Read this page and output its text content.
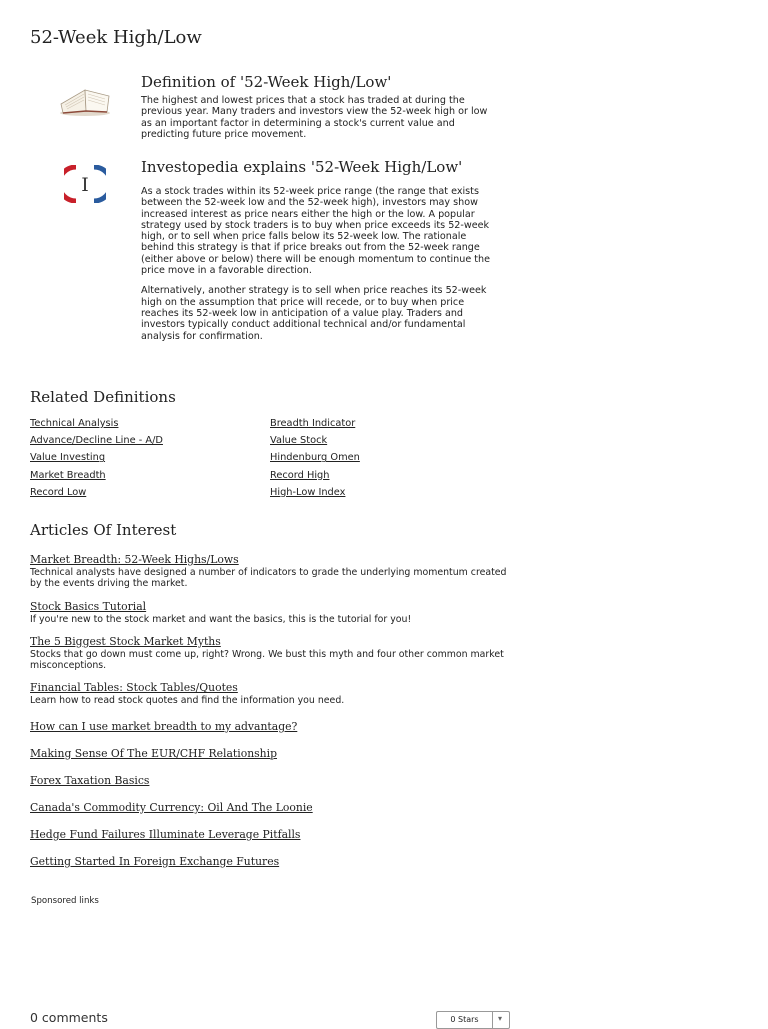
52-Week High/Low
Definition of '52-Week High/Low'

The highest and lowest prices that a stock has traded at during the previous year. Many traders and investors view the 52-week high or low as an important factor in determining a stock's current value and predicting future price movement.

I
Investopedia explains '52-Week High/Low'

As a stock trades within its 52-week price range (the range that exists between the 52-week low and the 52-week high), investors may show increased interest as price nears either the high or the low. A popular strategy used by stock traders is to buy when price exceeds its 52-week high, or to sell when price falls below its 52-week low. The rationale behind this strategy is that if price breaks out from the 52-week range (either above or below) there will be enough momentum to continue the price move in a favorable direction.

Alternatively, another strategy is to sell when price reaches its 52-week high on the assumption that price will recede, or to buy when price reaches its 52-week low in anticipation of a value play. Traders and investors typically conduct additional technical and/or fundamental analysis for confirmation.

Related Definitions
Technical Analysis
Advance/Decline Line - A/D
Value Investing
Market Breadth
Record Low
Breadth Indicator
Value Stock
Hindenburg Omen
Record High
High-Low Index
Articles Of Interest
Market Breadth: 52-Week Highs/Lows
Technical analysts have designed a number of indicators to grade the underlying momentum created by the events driving the market.
Stock Basics Tutorial
If you're new to the stock market and want the basics, this is the tutorial for you!
The 5 Biggest Stock Market Myths
Stocks that go down must come up, right? Wrong. We bust this myth and four other common market misconceptions.
Financial Tables: Stock Tables/Quotes
Learn how to read stock quotes and find the information you need.
How can I use market breadth to my advantage?
Making Sense Of The EUR/CHF Relationship
Forex Taxation Basics
Canada's Commodity Currency: Oil And The Loonie
Hedge Fund Failures Illuminate Leverage Pitfalls
Getting Started In Foreign Exchange Futures
Sponsored links
0 comments	0 Stars	▾
